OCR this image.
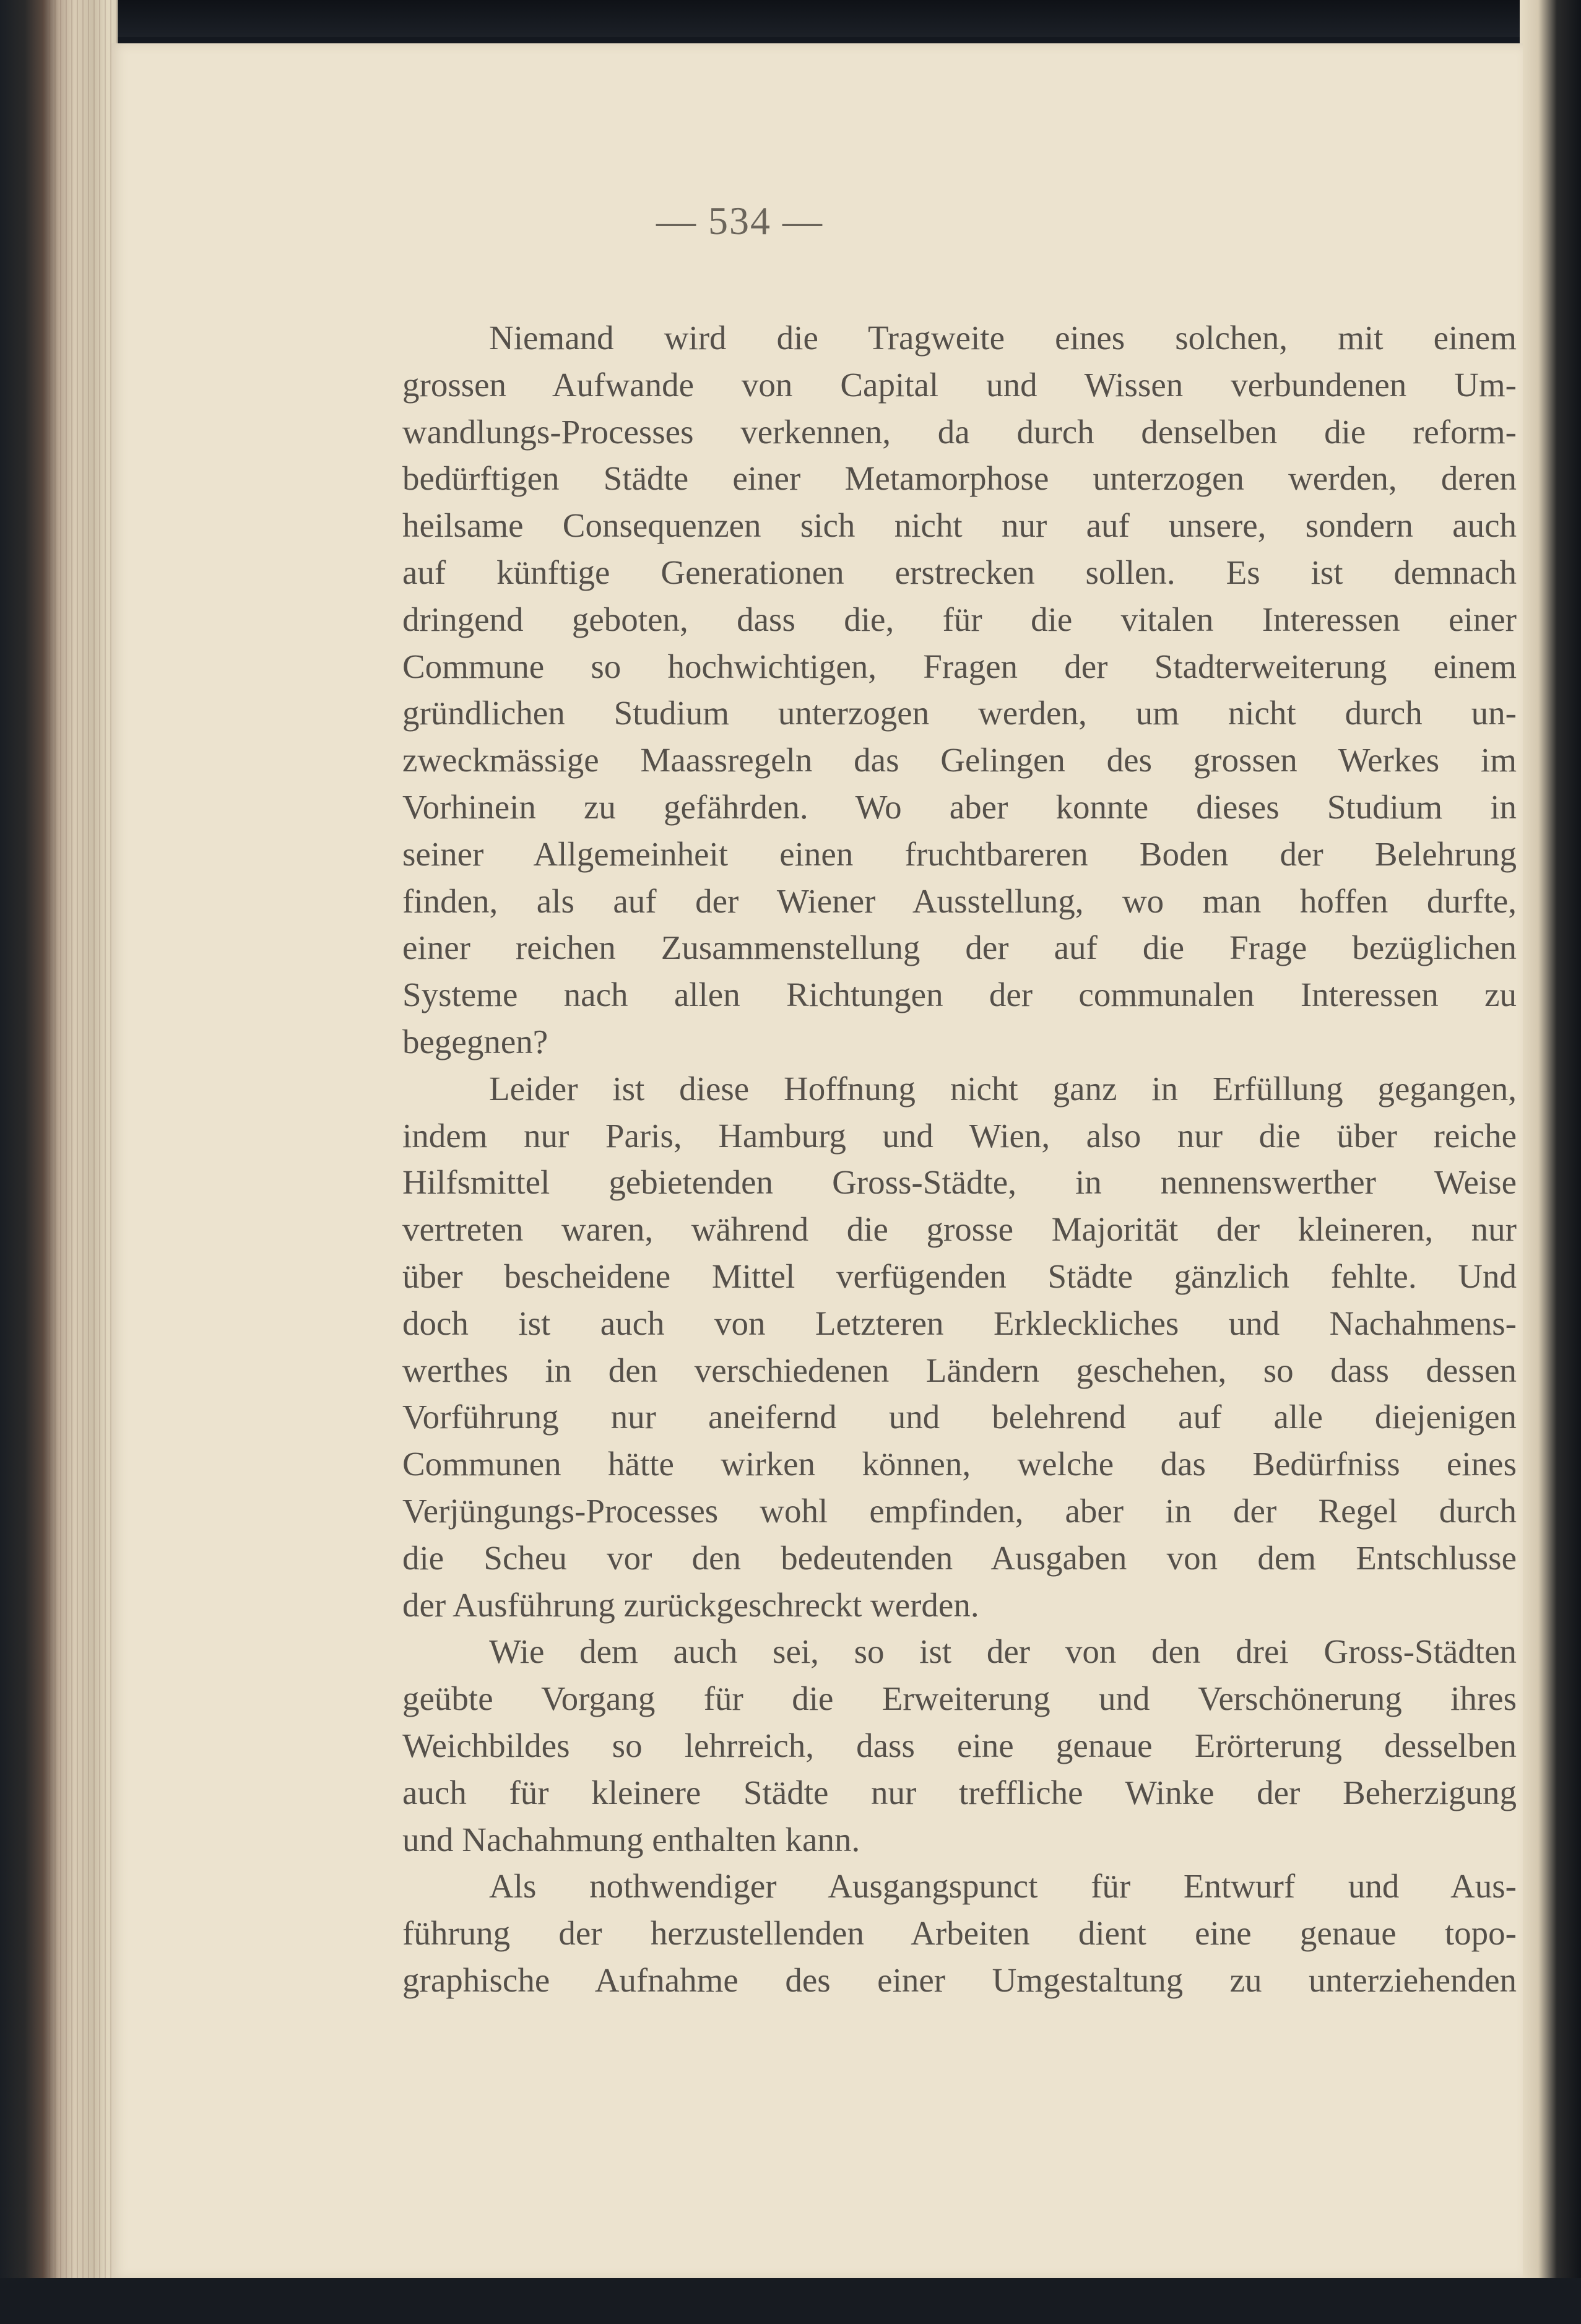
— 534 —
Niemand wird die Tragweite eines solchen, mit einem
grossen Aufwande von Capital und Wissen verbundenen Um-
wandlungs-Processes verkennen, da durch denselben die reform-
bedürftigen Städte einer Metamorphose unterzogen werden, deren
heilsame Consequenzen sich nicht nur auf unsere, sondern auch
auf künftige Generationen erstrecken sollen. Es ist demnach
dringend geboten, dass die, für die vitalen Interessen einer
Commune so hochwichtigen, Fragen der Stadterweiterung einem
gründlichen Studium unterzogen werden, um nicht durch un-
zweckmässige Maassregeln das Gelingen des grossen Werkes im
Vorhinein zu gefährden. Wo aber konnte dieses Studium in
seiner Allgemeinheit einen fruchtbareren Boden der Belehrung
finden, als auf der Wiener Ausstellung, wo man hoffen durfte,
einer reichen Zusammenstellung der auf die Frage bezüglichen
Systeme nach allen Richtungen der communalen Interessen zu
begegnen?
Leider ist diese Hoffnung nicht ganz in Erfüllung gegangen,
indem nur Paris, Hamburg und Wien, also nur die über reiche
Hilfsmittel gebietenden Gross-Städte, in nennenswerther Weise
vertreten waren, während die grosse Majorität der kleineren, nur
über bescheidene Mittel verfügenden Städte gänzlich fehlte. Und
doch ist auch von Letzteren Erkleckliches und Nachahmens-
werthes in den verschiedenen Ländern geschehen, so dass dessen
Vorführung nur aneifernd und belehrend auf alle diejenigen
Communen hätte wirken können, welche das Bedürfniss eines
Verjüngungs-Processes wohl empfinden, aber in der Regel durch
die Scheu vor den bedeutenden Ausgaben von dem Entschlusse
der Ausführung zurückgeschreckt werden.
Wie dem auch sei, so ist der von den drei Gross-Städten
geübte Vorgang für die Erweiterung und Verschönerung ihres
Weichbildes so lehrreich, dass eine genaue Erörterung desselben
auch für kleinere Städte nur treffliche Winke der Beherzigung
und Nachahmung enthalten kann.
Als nothwendiger Ausgangspunct für Entwurf und Aus-
führung der herzustellenden Arbeiten dient eine genaue topo-
graphische Aufnahme des einer Umgestaltung zu unterziehenden
